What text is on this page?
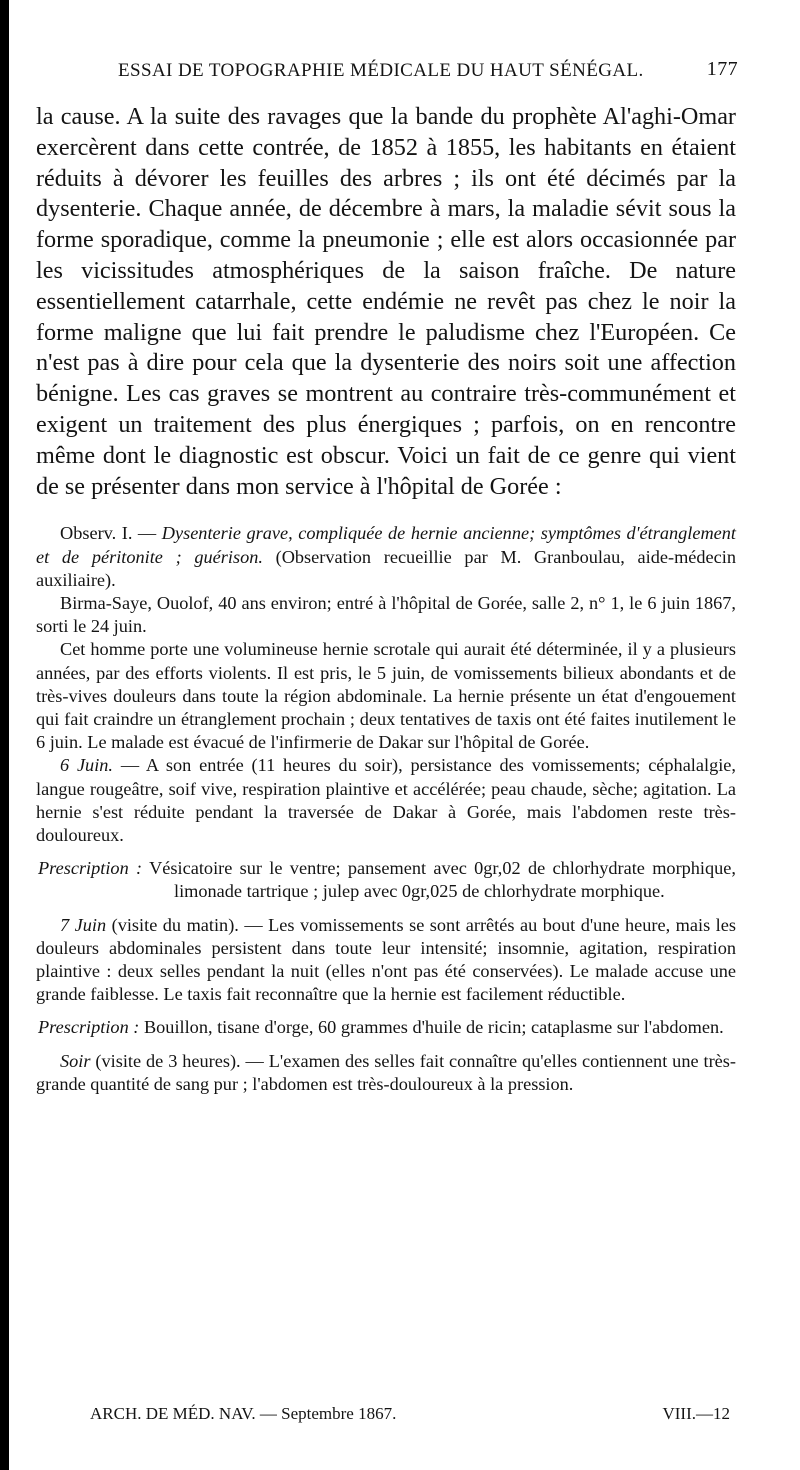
ESSAI DE TOPOGRAPHIE MÉDICALE DU HAUT SÉNÉGAL.	177

la cause. A la suite des ravages que la bande du prophète Al'aghi-Omar exercèrent dans cette contrée, de 1852 à 1855, les habitants en étaient réduits à dévorer les feuilles des arbres ; ils ont été décimés par la dysenterie. Chaque année, de décembre à mars, la maladie sévit sous la forme sporadique, comme la pneumonie ; elle est alors occasionnée par les vicissitudes atmosphériques de la saison fraîche. De nature essentiellement catarrhale, cette endémie ne revêt pas chez le noir la forme maligne que lui fait prendre le paludisme chez l'Européen. Ce n'est pas à dire pour cela que la dysenterie des noirs soit une affection bénigne. Les cas graves se montrent au contraire très-communément et exigent un traitement des plus énergiques ; parfois, on en rencontre même dont le diagnostic est obscur. Voici un fait de ce genre qui vient de se présenter dans mon service à l'hôpital de Gorée :

Observ. I. — Dysenterie grave, compliquée de hernie ancienne; symptômes d'étranglement et de péritonite ; guérison. (Observation recueillie par M. Granboulau, aide-médecin auxiliaire).

Birma-Saye, Ouolof, 40 ans environ; entré à l'hôpital de Gorée, salle 2, n° 1, le 6 juin 1867, sorti le 24 juin.

Cet homme porte une volumineuse hernie scrotale qui aurait été déterminée, il y a plusieurs années, par des efforts violents. Il est pris, le 5 juin, de vomissements bilieux abondants et de très-vives douleurs dans toute la région abdominale. La hernie présente un état d'engouement qui fait craindre un étranglement prochain ; deux tentatives de taxis ont été faites inutilement le 6 juin. Le malade est évacué de l'infirmerie de Dakar sur l'hôpital de Gorée.

6 Juin. — A son entrée (11 heures du soir), persistance des vomissements; céphalalgie, langue rougeâtre, soif vive, respiration plaintive et accélérée; peau chaude, sèche; agitation. La hernie s'est réduite pendant la traversée de Dakar à Gorée, mais l'abdomen reste très-douloureux.

Prescription : Vésicatoire sur le ventre; pansement avec 0gr,02 de chlorhydrate morphique, limonade tartrique ; julep avec 0gr,025 de chlorhydrate morphique.

7 Juin (visite du matin). — Les vomissements se sont arrêtés au bout d'une heure, mais les douleurs abdominales persistent dans toute leur intensité; insomnie, agitation, respiration plaintive : deux selles pendant la nuit (elles n'ont pas été conservées). Le malade accuse une grande faiblesse. Le taxis fait reconnaître que la hernie est facilement réductible.

Prescription : Bouillon, tisane d'orge, 60 grammes d'huile de ricin; cataplasme sur l'abdomen.

Soir (visite de 3 heures). — L'examen des selles fait connaître qu'elles contiennent une très-grande quantité de sang pur ; l'abdomen est très-douloureux à la pression.

ARCH. DE MÉD. NAV. — Septembre 1867.	VIII.—12
